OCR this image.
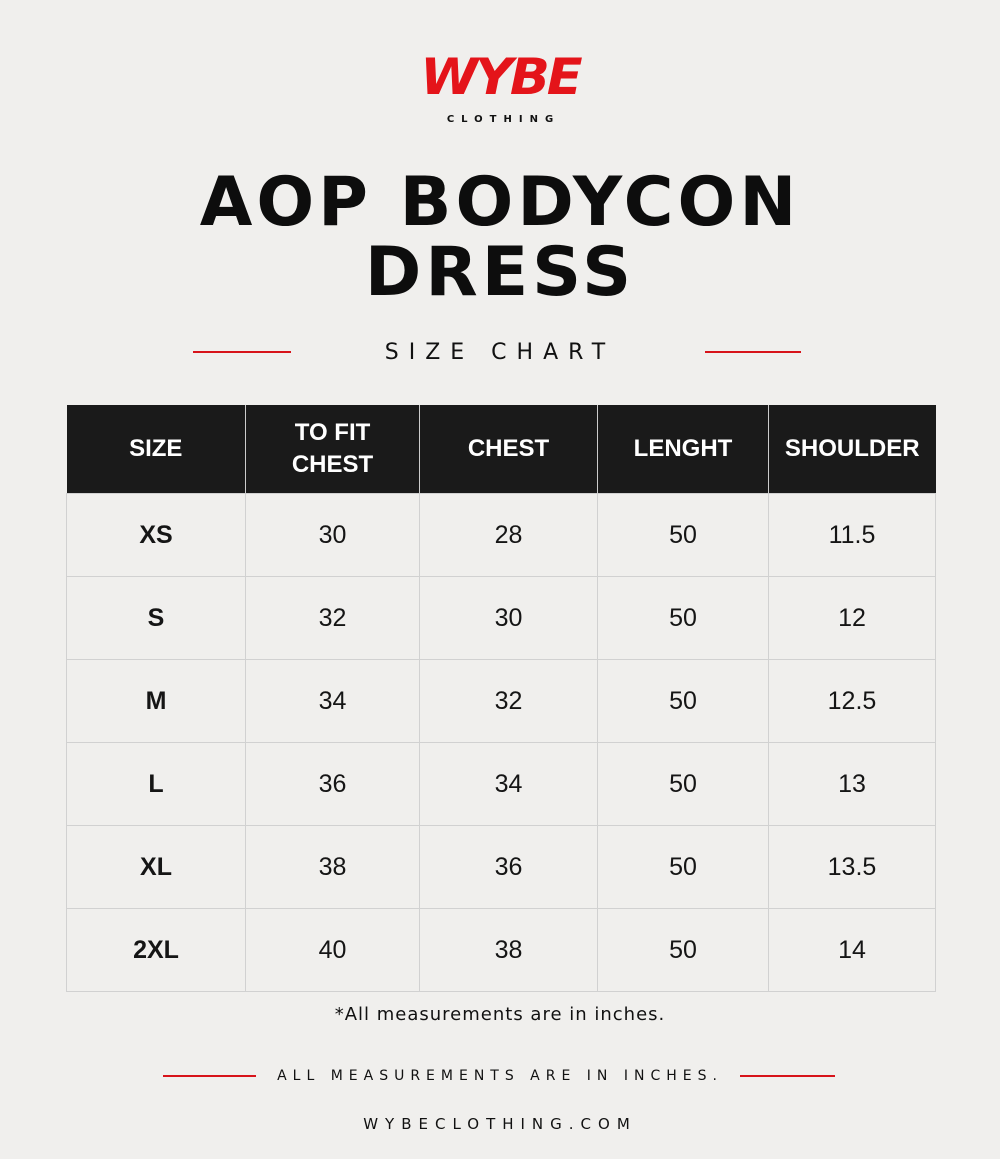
WYBE
CLOTHING
AOP BODYCON
DRESS
SIZE CHART
SIZE	TO FIT CHEST	CHEST	LENGHT	SHOULDER
XS	30	28	50	11.5
S	32	30	50	12
M	34	32	50	12.5
L	36	34	50	13
XL	38	36	50	13.5
2XL	40	38	50	14
*All measurements are in inches.
ALL MEASUREMENTS ARE IN INCHES.
WYBECLOTHING.COM
